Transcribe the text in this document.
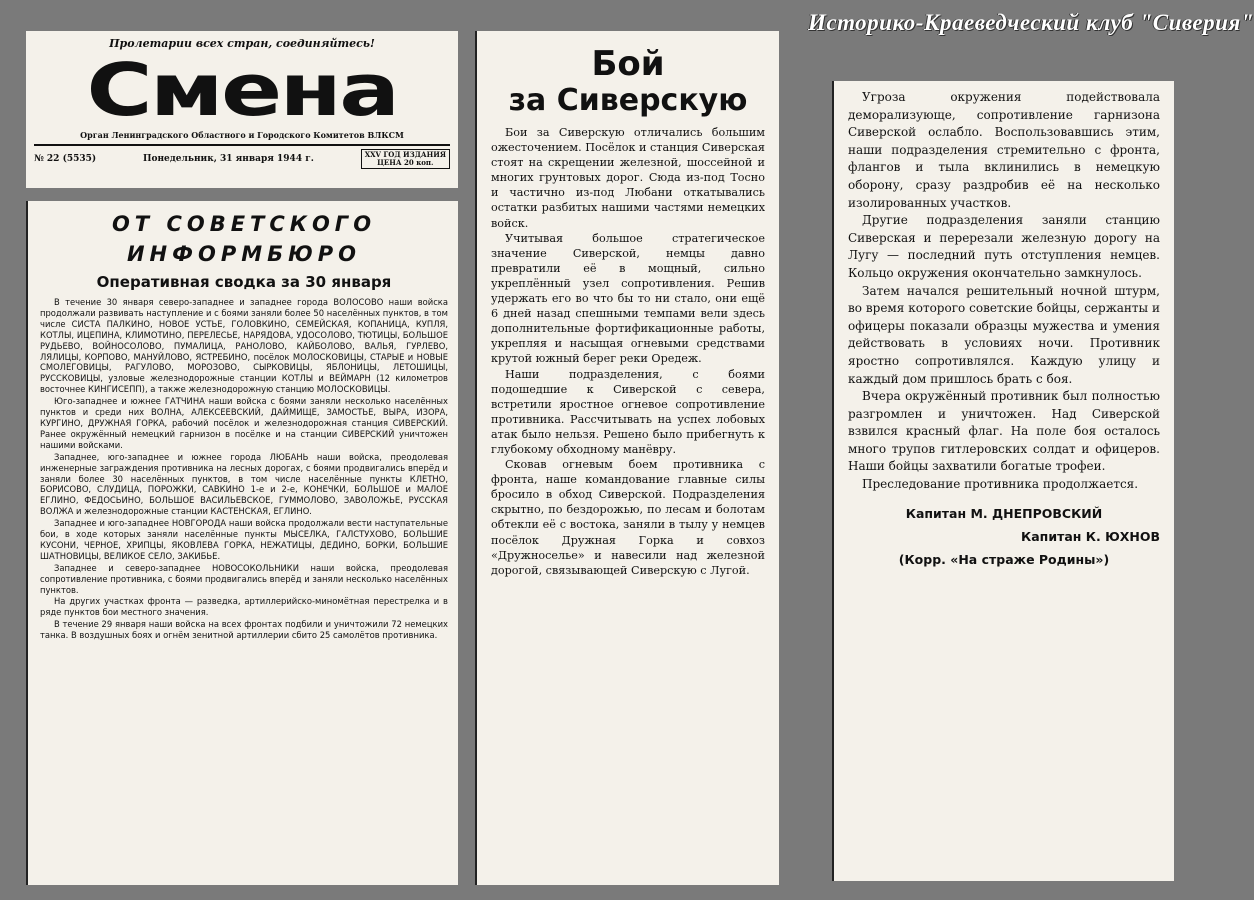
Историко-Краеведческий клуб "Сиверия"
Пролетарии всех стран, соединяйтесь!
Смена
Орган Ленинградского Областного и Городского Комитетов ВЛКСМ
№ 22 (5535)	Понедельник, 31 января 1944 г.	XXV ГОД ИЗДАНИЯ
ЦЕНА 20 коп.
ОТ СОВЕТСКОГО
ИНФОРМБЮРО
Оперативная сводка за 30 января

В течение 30 января северо-западнее и западнее города ВОЛОСОВО наши войска продолжали развивать наступление и с боями заняли более 50 населённых пунктов, в том числе СИСТА ПАЛКИНО, НОВОЕ УСТЬЕ, ГОЛОВКИНО, СЕМЕЙСКАЯ, КОПАНИЦА, КУПЛЯ, КОТЛЫ, ИЦЕПИНА, КЛИМОТИНО, ПЕРЕЛЕСЬЕ, НАРЯДОВА, УДОСОЛОВО, ТЮТИЦЫ, БОЛЬШОЕ РУДЬЕВО, ВОЙНОСОЛОВО, ПУМАЛИЦА, РАНОЛОВО, КАЙБОЛОВО, ВАЛЬЯ, ГУРЛЕВО, ЛЯЛИЦЫ, КОРПОВО, МАНУЙЛОВО, ЯСТРЕБИНО, посёлок МОЛОСКОВИЦЫ, СТАРЫЕ и НОВЫЕ СМОЛЕГОВИЦЫ, РАГУЛОВО, МОРОЗОВО, СЫРКОВИЦЫ, ЯБЛОНИЦЫ, ЛЕТОШИЦЫ, РУССКОВИЦЫ, узловые железнодорожные станции КОТЛЫ и ВЕЙМАРН (12 километров восточнее КИНГИСЕПП), а также железнодорожную станцию МОЛОСКОВИЦЫ.

Юго-западнее и южнее ГАТЧИНА наши войска с боями заняли несколько населённых пунктов и среди них ВОЛНА, АЛЕКСЕЕВСКИЙ, ДАЙМИЩЕ, ЗАМОСТЬЕ, ВЫРА, ИЗОРА, КУРГИНО, ДРУЖНАЯ ГОРКА, рабочий посёлок и железнодорожная станция СИВЕРСКИЙ. Ранее окружённый немецкий гарнизон в посёлке и на станции СИВЕРСКИЙ уничтожен нашими войсками.

Западнее, юго-западнее и южнее города ЛЮБАНЬ наши войска, преодолевая инженерные заграждения противника на лесных дорогах, с боями продвигались вперёд и заняли более 30 населённых пунктов, в том числе населённые пункты КЛЕТНО, БОРИСОВО, СЛУДИЦА, ПОРОЖКИ, САВКИНО 1-е и 2-е, КОНЕЧКИ, БОЛЬШОЕ и МАЛОЕ ЕГЛИНО, ФЕДОСЬИНО, БОЛЬШОЕ ВАСИЛЬЕВСКОЕ, ГУММОЛОВО, ЗАВОЛОЖЬЕ, РУССКАЯ ВОЛЖА и железнодорожные станции КАСТЕНСКАЯ, ЕГЛИНО.

Западнее и юго-западнее НОВГОРОДА наши войска продолжали вести наступательные бои, в ходе которых заняли населённые пункты МЫСЕЛКА, ГАЛСТУХОВО, БОЛЬШИЕ КУСОНИ, ЧЕРНОЕ, ХРИПЦЫ, ЯКОВЛЕВА ГОРКА, НЕЖАТИЦЫ, ДЕДИНО, БОРКИ, БОЛЬШИЕ ШАТНОВИЦЫ, ВЕЛИКОЕ СЕЛО, ЗАКИБЬЕ.

Западнее и северо-западнее НОВОСОКОЛЬНИКИ наши войска, преодолевая сопротивление противника, с боями продвигались вперёд и заняли несколько населённых пунктов.

На других участках фронта — разведка, артиллерийско-миномётная перестрелка и в ряде пунктов бои местного значения.

В течение 29 января наши войска на всех фронтах подбили и уничтожили 72 немецких танка. В воздушных боях и огнём зенитной артиллерии сбито 25 самолётов противника.

Бой
за Сиверскую

Бои за Сиверскую отличались большим ожесточением. Посёлок и станция Сиверская стоят на скрещении железной, шоссейной и многих грунтовых дорог. Сюда из-под Тосно и частично из-под Любани откатывались остатки разбитых нашими частями немецких войск.

Учитывая большое стратегическое значение Сиверской, немцы давно превратили её в мощный, сильно укреплённый узел сопротивления. Решив удержать его во что бы то ни стало, они ещё 6 дней назад спешными темпами вели здесь дополнительные фортификационные работы, укрепляя и насыщая огневыми средствами крутой южный берег реки Оредеж.

Наши подразделения, с боями подошедшие к Сиверской с севера, встретили яростное огневое сопротивление противника. Рассчитывать на успех лобовых атак было нельзя. Решено было прибегнуть к глубокому обходному манёвру.

Сковав огневым боем противника с фронта, наше командование главные силы бросило в обход Сиверской. Подразделения скрытно, по бездорожью, по лесам и болотам обтекли её с востока, заняли в тылу у немцев посёлок Дружная Горка и совхоз «Дружноселье» и навесили над железной дорогой, связывающей Сиверскую с Лугой.

Угроза окружения подействовала деморализующе, сопротивление гарнизона Сиверской ослабло. Воспользовавшись этим, наши подразделения стремительно с фронта, флангов и тыла вклинились в немецкую оборону, сразу раздробив её на несколько изолированных участков.

Другие подразделения заняли станцию Сиверская и перерезали железную дорогу на Лугу — последний путь отступления немцев. Кольцо окружения окончательно замкнулось.

Затем начался решительный ночной штурм, во время которого советские бойцы, сержанты и офицеры показали образцы мужества и умения действовать в условиях ночи. Противник яростно сопротивлялся. Каждую улицу и каждый дом пришлось брать с боя.

Вчера окружённый противник был полностью разгромлен и уничтожен. Над Сиверской взвился красный флаг. На поле боя осталось много трупов гитлеровских солдат и офицеров. Наши бойцы захватили богатые трофеи.

Преследование противника продолжается.

Капитан М. ДНЕПРОВСКИЙ
Капитан К. ЮХНОВ
(Корр. «На страже Родины»)
